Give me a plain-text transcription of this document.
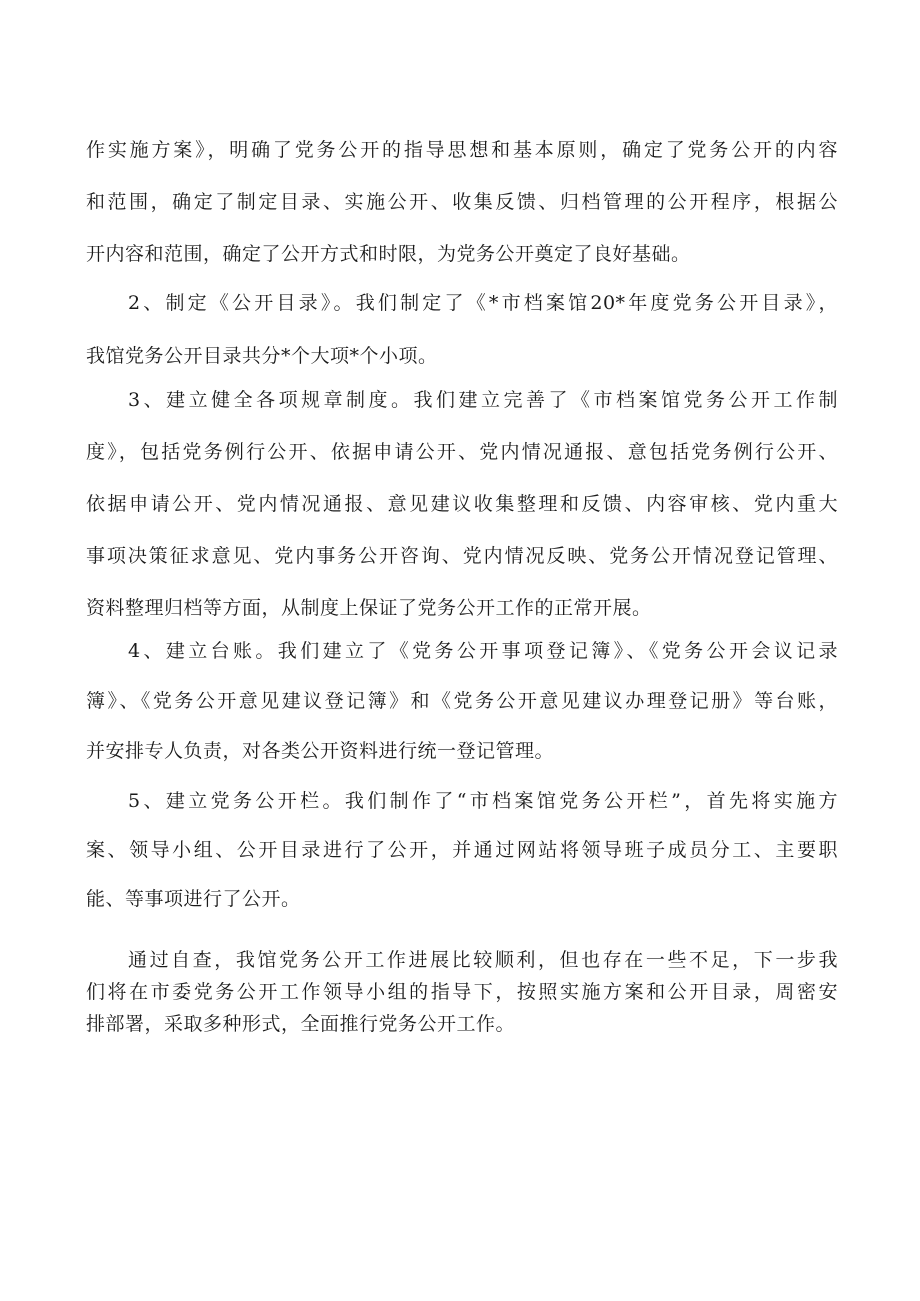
作实施方案》，明确了党务公开的指导思想和基本原则，确定了党务公开的内容
和范围，确定了制定目录、实施公开、收集反馈、归档管理的公开程序，根据公
开内容和范围，确定了公开方式和时限，为党务公开奠定了良好基础。
2、制定《公开目录》。我们制定了《*市档案馆20*年度党务公开目录》，
我馆党务公开目录共分*个大项*个小项。
3、建立健全各项规章制度。我们建立完善了《市档案馆党务公开工作制
度》，包括党务例行公开、依据申请公开、党内情况通报、意包括党务例行公开、
依据申请公开、党内情况通报、意见建议收集整理和反馈、内容审核、党内重大
事项决策征求意见、党内事务公开咨询、党内情况反映、党务公开情况登记管理、
资料整理归档等方面，从制度上保证了党务公开工作的正常开展。
4、建立台账。我们建立了《党务公开事项登记簿》、《党务公开会议记录
簿》、《党务公开意见建议登记簿》和《党务公开意见建议办理登记册》等台账，
并安排专人负责，对各类公开资料进行统一登记管理。
5、建立党务公开栏。我们制作了“市档案馆党务公开栏”，首先将实施方
案、领导小组、公开目录进行了公开，并通过网站将领导班子成员分工、主要职
能、等事项进行了公开。
通过自查，我馆党务公开工作进展比较顺利，但也存在一些不足，下一步我
们将在市委党务公开工作领导小组的指导下，按照实施方案和公开目录，周密安
排部署，采取多种形式，全面推行党务公开工作。
